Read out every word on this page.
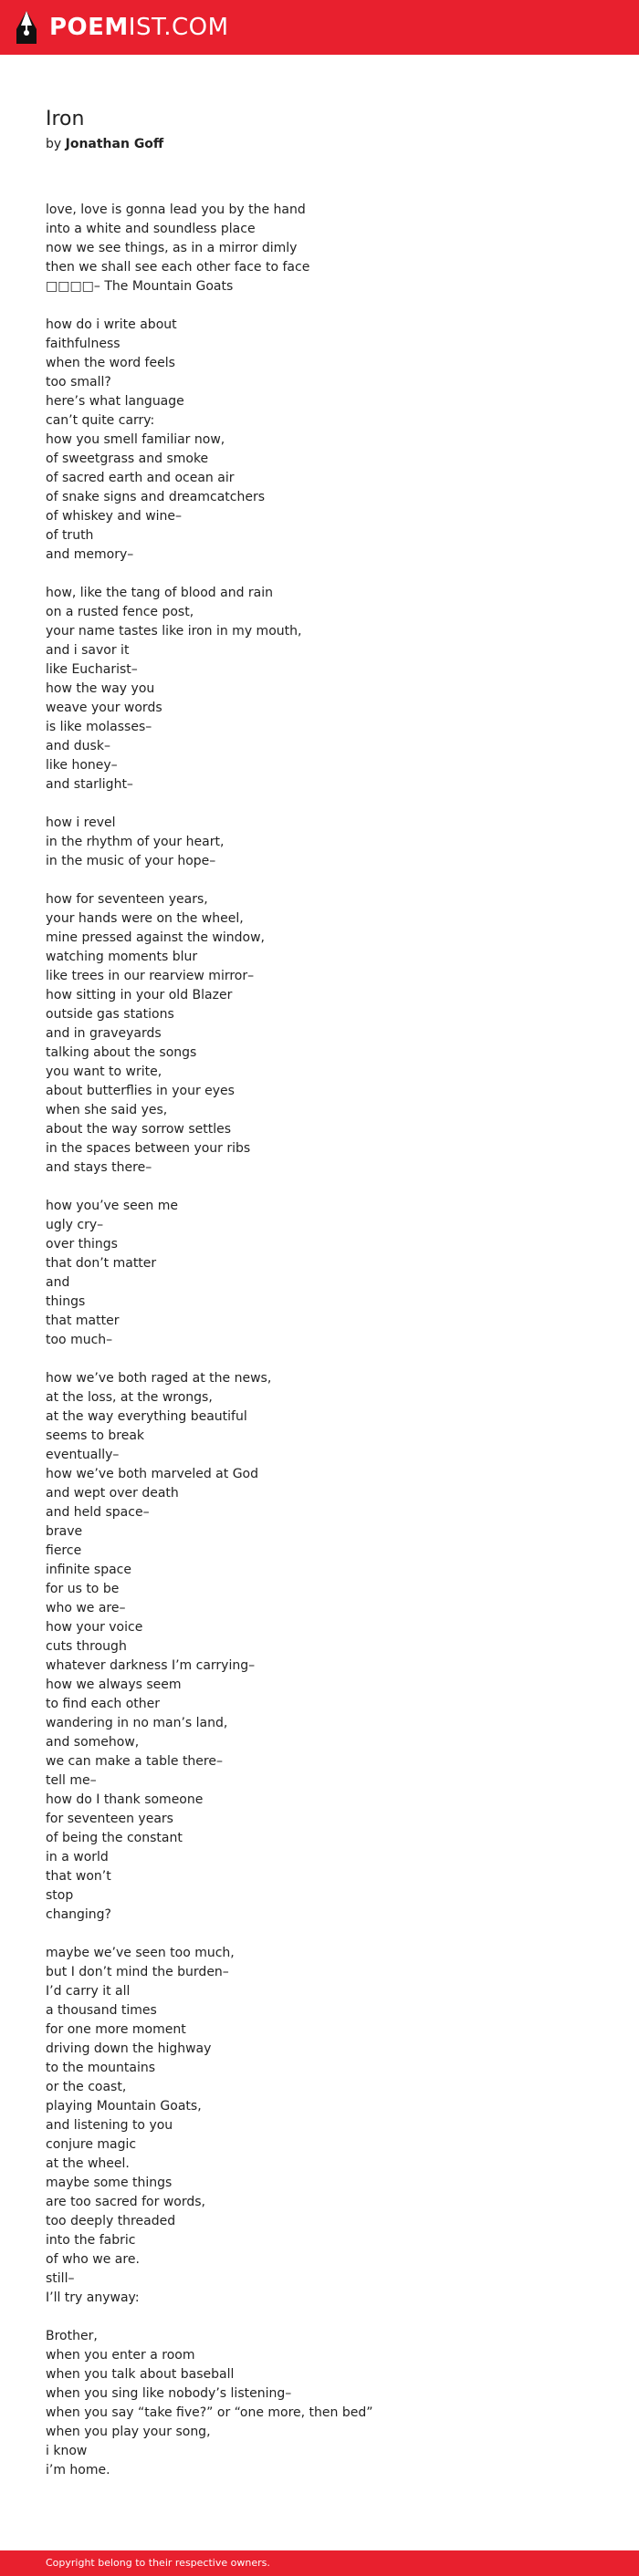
POEMIST.COM
Iron

by Jonathan Goff

love, love is gonna lead you by the hand
into a white and soundless place
now we see things, as in a mirror dimly
then we shall see each other face to face
□□□□– The Mountain Goats
how do i write about
faithfulness
when the word feels
too small?
here’s what language
can’t quite carry:
how you smell familiar now,
of sweetgrass and smoke
of sacred earth and ocean air
of snake signs and dreamcatchers
of whiskey and wine–
of truth
and memory–
how, like the tang of blood and rain
on a rusted fence post,
your name tastes like iron in my mouth,
and i savor it
like Eucharist–
how the way you
weave your words
is like molasses–
and dusk–
like honey–
and starlight–
how i revel
in the rhythm of your heart,
in the music of your hope–
how for seventeen years,
your hands were on the wheel,
mine pressed against the window,
watching moments blur
like trees in our rearview mirror–
how sitting in your old Blazer
outside gas stations
and in graveyards
talking about the songs
you want to write,
about butterflies in your eyes
when she said yes,
about the way sorrow settles
in the spaces between your ribs
and stays there–
how you’ve seen me
ugly cry–
over things
that don’t matter
and
things
that matter
too much–
how we’ve both raged at the news,
at the loss, at the wrongs,
at the way everything beautiful
seems to break
eventually–
how we’ve both marveled at God
and wept over death
and held space–
brave
fierce
infinite space
for us to be
who we are–
how your voice
cuts through
whatever darkness I’m carrying–
how we always seem
to find each other
wandering in no man’s land,
and somehow,
we can make a table there–
tell me–
how do I thank someone
for seventeen years
of being the constant
in a world
that won’t
stop
changing?
maybe we’ve seen too much,
but I don’t mind the burden–
I’d carry it all
a thousand times
for one more moment
driving down the highway
to the mountains
or the coast,
playing Mountain Goats,
and listening to you
conjure magic
at the wheel.
maybe some things
are too sacred for words,
too deeply threaded
into the fabric
of who we are.
still–
I’ll try anyway:
Brother,
when you enter a room
when you talk about baseball
when you sing like nobody’s listening–
when you say “take five?” or “one more, then bed”
when you play your song,
i know
i’m home.
Copyright belong to their respective owners.
